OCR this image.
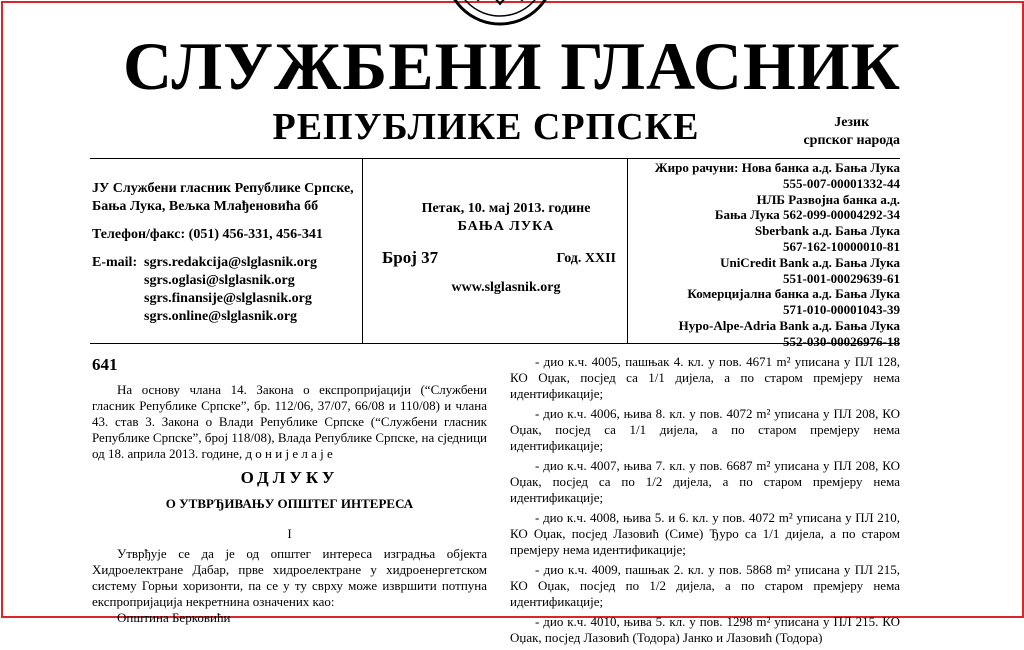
СЛУЖБЕНИ ГЛАСНИК
РЕПУБЛИКЕ СРПСКЕ	Језик
српског народа
ЈУ Службени гласник Републике Српске,
Бања Лука, Вељка Млађеновића бб
Телефон/факс: (051) 456-331, 456-341
E-mail: sgrs.redakcija@slglasnik.org
sgrs.oglasi@slglasnik.org
sgrs.finansije@slglasnik.org
sgrs.online@slglasnik.org
Петак, 10. мај 2013. године
БАЊА ЛУКА
Број 37	Год. XXII
www.slglasnik.org
Жиро рачуни: Нова банка а.д. Бања Лука
555-007-00001332-44
НЛБ Развојна банка а.д.
Бања Лука 562-099-00004292-34
Sberbank а.д. Бања Лука
567-162-10000010-81
UniCredit Bank а.д. Бања Лука
551-001-00029639-61
Комерцијална банка а.д. Бања Лука
571-010-00001043-39
Hypo-Alpe-Adria Bank а.д. Бања Лука
552-030-00026976-18
641
На основу члана 14. Закона о експропријацији (“Службени гласник Републике Српске”, бр. 112/06, 37/07, 66/08 и 110/08) и члана 43. став 3. Закона о Влади Републике Српске (“Службени гласник Републике Српске”, број 118/08), Влада Републике Српске, на сједници од 18. априла 2013. године, д о н и ј е л а ј е
ОДЛУКУ
О УТВРЂИВАЊУ ОПШТЕГ ИНТЕРЕСА
I
Утврђује се да је од општег интереса изградња објекта Хидроелектране Дабар, прве хидроелектране у хидроенергетском систему Горњи хоризонти, па се у ту сврху може извршити потпуна експропријација некретнина означених као:
Општина Берковићи
- дио к.ч. 4005, пашњак 4. кл. у пов. 4671 m² уписана у ПЛ 128, КО Оџак, посјед са 1/1 дијела, а по старом премјеру нема идентификације;
- дио к.ч. 4006, њива 8. кл. у пов. 4072 m² уписана у ПЛ 208, КО Оџак, посјед са 1/1 дијела, а по старом премјеру нема идентификације;
- дио к.ч. 4007, њива 7. кл. у пов. 6687 m² уписана у ПЛ 208, КО Оџак, посјед са по 1/2 дијела, а по старом премјеру нема идентификације;
- дио к.ч. 4008, њива 5. и 6. кл. у пов. 4072 m² уписана у ПЛ 210, КО Оџак, посјед Лазовић (Симе) Ђуро са 1/1 дијела, а по старом премјеру нема идентификације;
- дио к.ч. 4009, пашњак 2. кл. у пов. 5868 m² уписана у ПЛ 215, КО Оџак, посјед по 1/2 дијела, а по старом премјеру нема идентификације;
- дио к.ч. 4010, њива 5. кл. у пов. 1298 m² уписана у ПЛ 215. КО Оџак, посјед Лазовић (Тодора) Јанко и Лазовић (Тодора)
